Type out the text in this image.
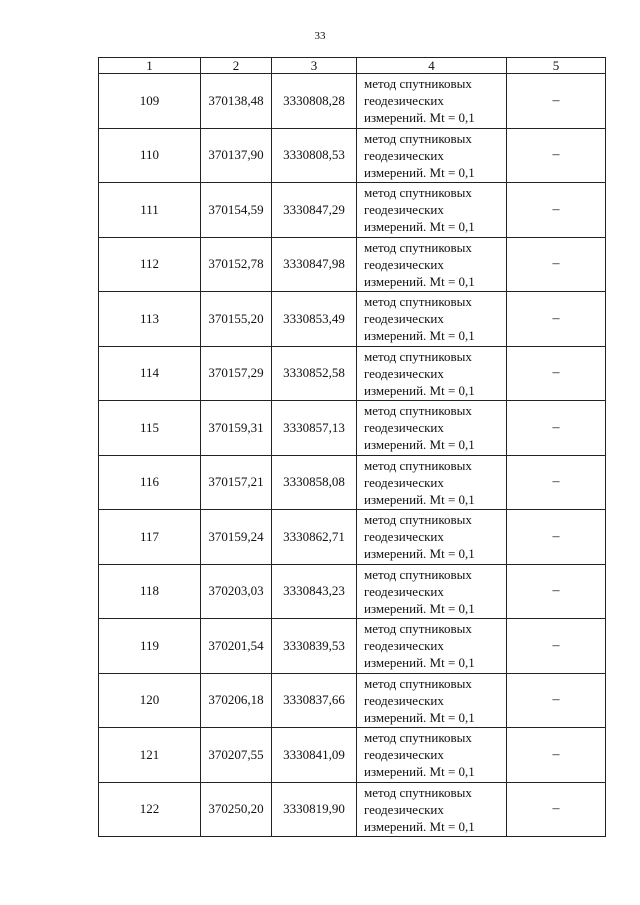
33
1	2	3	4	5
109	370138,48	3330808,28	метод спутниковых
геодезических
измерений. Mt = 0,1	–
110	370137,90	3330808,53	метод спутниковых
геодезических
измерений. Mt = 0,1	–
111	370154,59	3330847,29	метод спутниковых
геодезических
измерений. Mt = 0,1	–
112	370152,78	3330847,98	метод спутниковых
геодезических
измерений. Mt = 0,1	–
113	370155,20	3330853,49	метод спутниковых
геодезических
измерений. Mt = 0,1	–
114	370157,29	3330852,58	метод спутниковых
геодезических
измерений. Mt = 0,1	–
115	370159,31	3330857,13	метод спутниковых
геодезических
измерений. Mt = 0,1	–
116	370157,21	3330858,08	метод спутниковых
геодезических
измерений. Mt = 0,1	–
117	370159,24	3330862,71	метод спутниковых
геодезических
измерений. Mt = 0,1	–
118	370203,03	3330843,23	метод спутниковых
геодезических
измерений. Mt = 0,1	–
119	370201,54	3330839,53	метод спутниковых
геодезических
измерений. Mt = 0,1	–
120	370206,18	3330837,66	метод спутниковых
геодезических
измерений. Mt = 0,1	–
121	370207,55	3330841,09	метод спутниковых
геодезических
измерений. Mt = 0,1	–
122	370250,20	3330819,90	метод спутниковых
геодезических
измерений. Mt = 0,1	–
